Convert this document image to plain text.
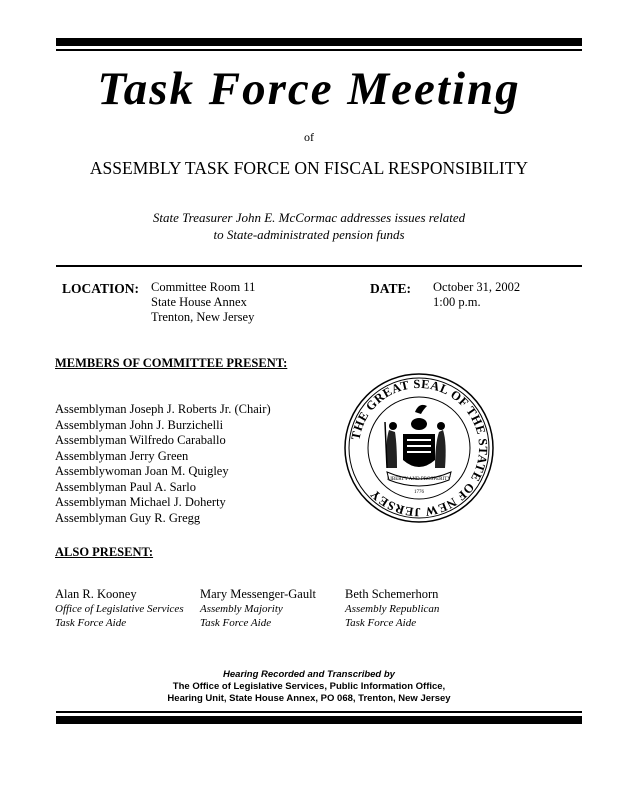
Task Force Meeting
of
ASSEMBLY TASK FORCE ON FISCAL RESPONSIBILITY
State Treasurer John E. McCormac addresses issues related
to State-administrated pension funds
LOCATION: Committee Room 11
State House Annex
Trenton, New Jersey
DATE: October 31, 2002
1:00 p.m.
MEMBERS OF COMMITTEE PRESENT:
Assemblyman Joseph J. Roberts Jr. (Chair)
Assemblyman John J. Burzichelli
Assemblyman Wilfredo Caraballo
Assemblyman Jerry Green
Assemblywoman Joan M. Quigley
Assemblyman Paul A. Sarlo
Assemblyman Michael J. Doherty
Assemblyman Guy R. Gregg
THE GREAT SEAL OF THE STATE OF NEW JERSEY
LIBERTY AND PROSPERITY
1776
ALSO PRESENT:
Alan R. Kooney
Office of Legislative Services
Task Force Aide
Mary Messenger-Gault
Assembly Majority
Task Force Aide
Beth Schemerhorn
Assembly Republican
Task Force Aide
Hearing Recorded and Transcribed by
The Office of Legislative Services, Public Information Office,
Hearing Unit, State House Annex, PO 068, Trenton, New Jersey
